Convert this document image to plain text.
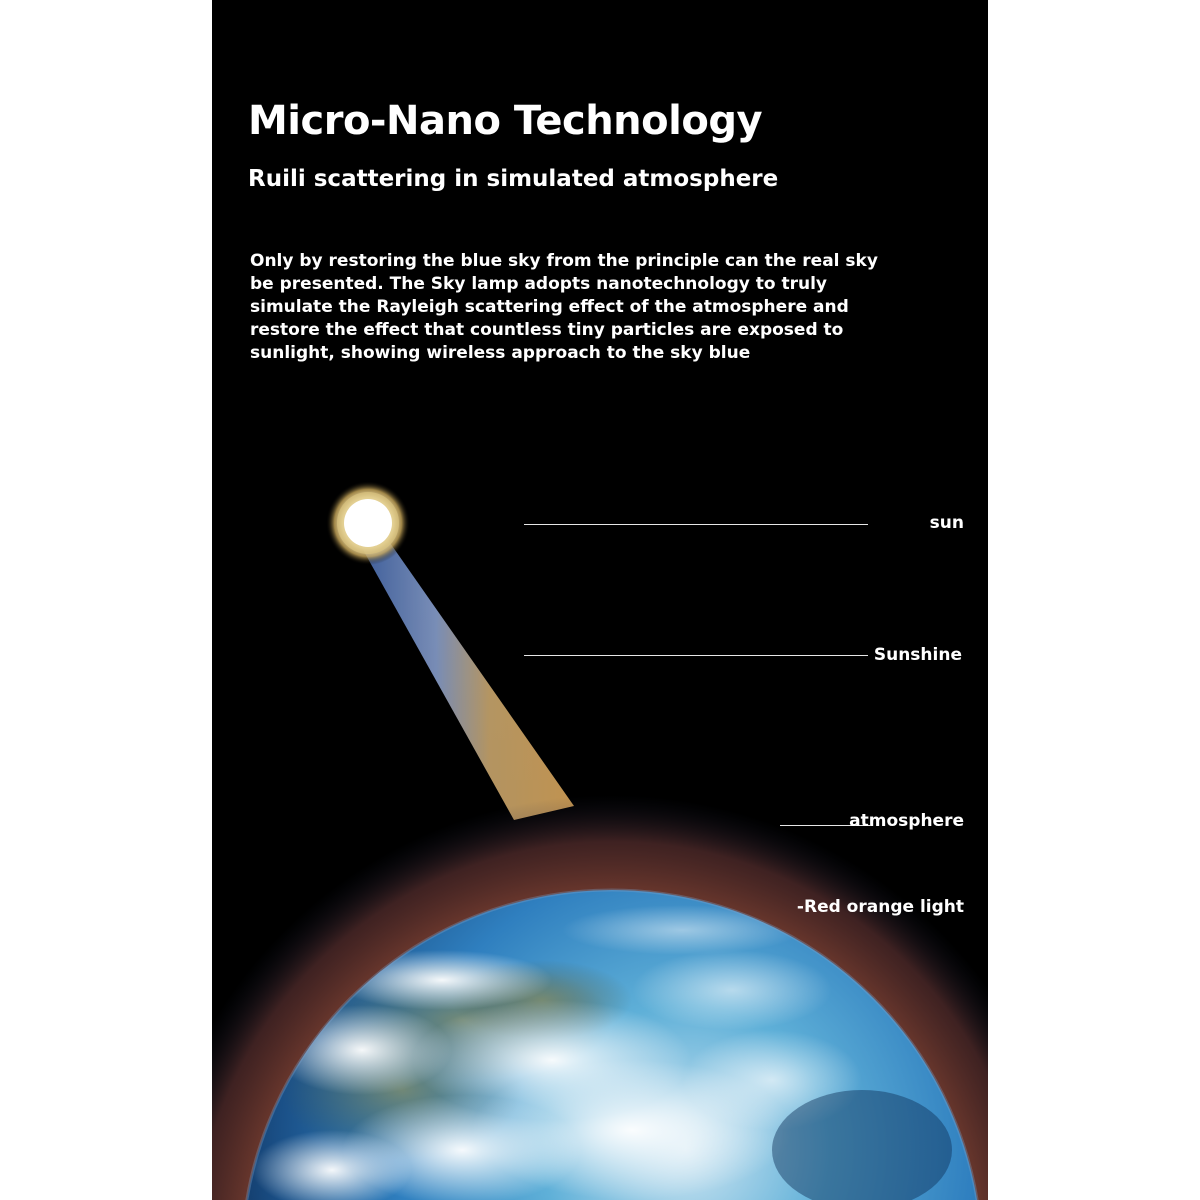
Micro-Nano Technology
Ruili scattering in simulated atmosphere

Only by restoring the blue sky from the principle can the real sky be presented. The Sky lamp adopts nanotechnology to truly simulate the Rayleigh scattering effect of the atmosphere and restore the effect that countless tiny particles are exposed to sunlight, showing wireless approach to the sky blue

sun
Sunshine
atmosphere
-Red orange light
